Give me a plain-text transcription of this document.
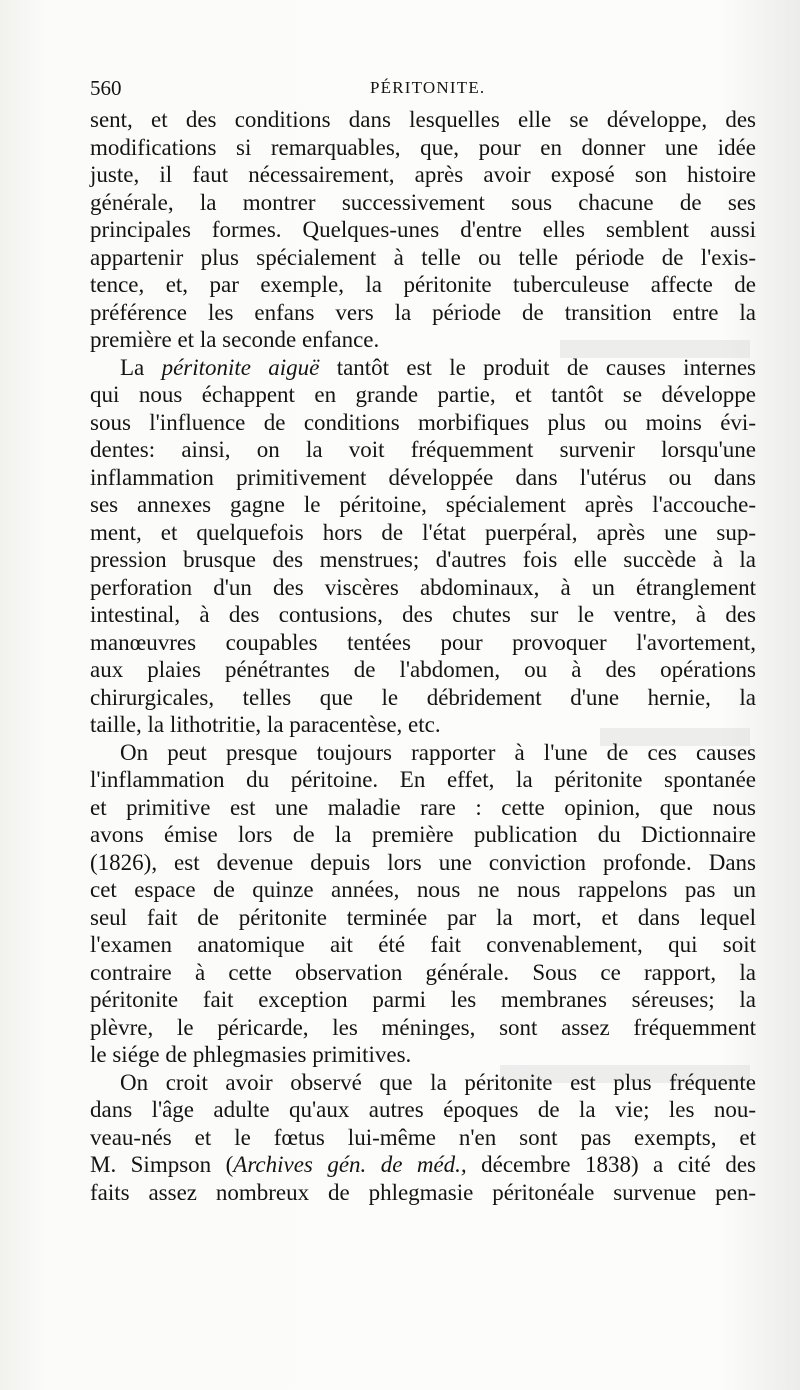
560	PÉRITONITE.
sent, et des conditions dans lesquelles elle se développe, des
modifications si remarquables, que, pour en donner une idée
juste, il faut nécessairement, après avoir exposé son histoire
générale, la montrer successivement sous chacune de ses
principales formes. Quelques-unes d'entre elles semblent aussi
appartenir plus spécialement à telle ou telle période de l'exis-
tence, et, par exemple, la péritonite tuberculeuse affecte de
préférence les enfans vers la période de transition entre la
première et la seconde enfance.
La péritonite aiguë tantôt est le produit de causes internes
qui nous échappent en grande partie, et tantôt se développe
sous l'influence de conditions morbifiques plus ou moins évi-
dentes: ainsi, on la voit fréquemment survenir lorsqu'une
inflammation primitivement développée dans l'utérus ou dans
ses annexes gagne le péritoine, spécialement après l'accouche-
ment, et quelquefois hors de l'état puerpéral, après une sup-
pression brusque des menstrues; d'autres fois elle succède à la
perforation d'un des viscères abdominaux, à un étranglement
intestinal, à des contusions, des chutes sur le ventre, à des
manœuvres coupables tentées pour provoquer l'avortement,
aux plaies pénétrantes de l'abdomen, ou à des opérations
chirurgicales, telles que le débridement d'une hernie, la
taille, la lithotritie, la paracentèse, etc.
On peut presque toujours rapporter à l'une de ces causes
l'inflammation du péritoine. En effet, la péritonite spontanée
et primitive est une maladie rare : cette opinion, que nous
avons émise lors de la première publication du Dictionnaire
(1826), est devenue depuis lors une conviction profonde. Dans
cet espace de quinze années, nous ne nous rappelons pas un
seul fait de péritonite terminée par la mort, et dans lequel
l'examen anatomique ait été fait convenablement, qui soit
contraire à cette observation générale. Sous ce rapport, la
péritonite fait exception parmi les membranes séreuses; la
plèvre, le péricarde, les méninges, sont assez fréquemment
le siége de phlegmasies primitives.
On croit avoir observé que la péritonite est plus fréquente
dans l'âge adulte qu'aux autres époques de la vie; les nou-
veau-nés et le fœtus lui-même n'en sont pas exempts, et
M. Simpson (Archives gén. de méd., décembre 1838) a cité des
faits assez nombreux de phlegmasie péritonéale survenue pen-
